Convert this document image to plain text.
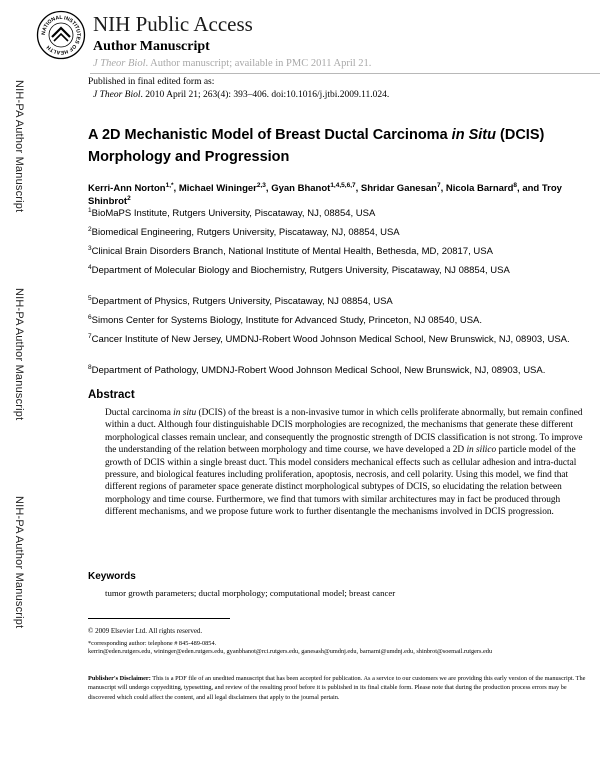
NATIONAL INSTITUTES OF HEALTH
NIH Public Access
Author Manuscript
J Theor Biol. Author manuscript; available in PMC 2011 April 21.
NIH-PA Author Manuscript
NIH-PA Author Manuscript
NIH-PA Author Manuscript
Published in final edited form as:
J Theor Biol. 2010 April 21; 263(4): 393–406. doi:10.1016/j.jtbi.2009.11.024.
A 2D Mechanistic Model of Breast Ductal Carcinoma in Situ (DCIS) Morphology and Progression
Kerri-Ann Norton$^{1,*}$, Michael Wininger$^{2,3}$, Gyan Bhanot$^{1,4,5,6,7}$, Shridar Ganesan$^7$, Nicola Barnard$^8$, and Troy Shinbrot$^2$
$^1$BioMaPS Institute, Rutgers University, Piscataway, NJ, 08854, USA
$^2$Biomedical Engineering, Rutgers University, Piscataway, NJ, 08854, USA
$^3$Clinical Brain Disorders Branch, National Institute of Mental Health, Bethesda, MD, 20817, USA
$^4$Department of Molecular Biology and Biochemistry, Rutgers University, Piscataway, NJ 08854, USA
$^5$Department of Physics, Rutgers University, Piscataway, NJ 08854, USA
$^6$Simons Center for Systems Biology, Institute for Advanced Study, Princeton, NJ 08540, USA.
$^7$Cancer Institute of New Jersey, UMDNJ-Robert Wood Johnson Medical School, New Brunswick, NJ, 08903, USA.
$^8$Department of Pathology, UMDNJ-Robert Wood Johnson Medical School, New Brunswick, NJ, 08903, USA.
Abstract
Ductal carcinoma in situ (DCIS) of the breast is a non-invasive tumor in which cells proliferate abnormally, but remain confined within a duct. Although four distinguishable DCIS morphologies are recognized, the mechanisms that generate these different morphological classes remain unclear, and consequently the prognostic strength of DCIS classification is not strong. To improve the understanding of the relation between morphology and time course, we have developed a 2D in silico particle model of the growth of DCIS within a single breast duct. This model considers mechanical effects such as cellular adhesion and intra-ductal pressure, and biological features including proliferation, apoptosis, necrosis, and cell polarity. Using this model, we find that different regions of parameter space generate distinct morphological subtypes of DCIS, so elucidating the relation between morphology and time course. Furthermore, we find that tumors with similar architectures may in fact be produced through different mechanisms, and we propose future work to further disentangle the mechanisms involved in DCIS progression.
Keywords
tumor growth parameters; ductal morphology; computational model; breast cancer
© 2009 Elsevier Ltd. All rights reserved.
*corresponding author: telephone # 845-489-0854.
kerrin@eden.rutgers.edu, wininger@eden.rutgers.edu, gyanbhanot@rci.rutgers.edu, ganesash@umdnj.edu, barnarni@umdnj.edu, shinbrot@soemail.rutgers.edu
Publisher's Disclaimer: This is a PDF file of an unedited manuscript that has been accepted for publication. As a service to our customers we are providing this early version of the manuscript. The manuscript will undergo copyediting, typesetting, and review of the resulting proof before it is published in its final citable form. Please note that during the production process errors may be discovered which could affect the content, and all legal disclaimers that apply to the journal pertain.
